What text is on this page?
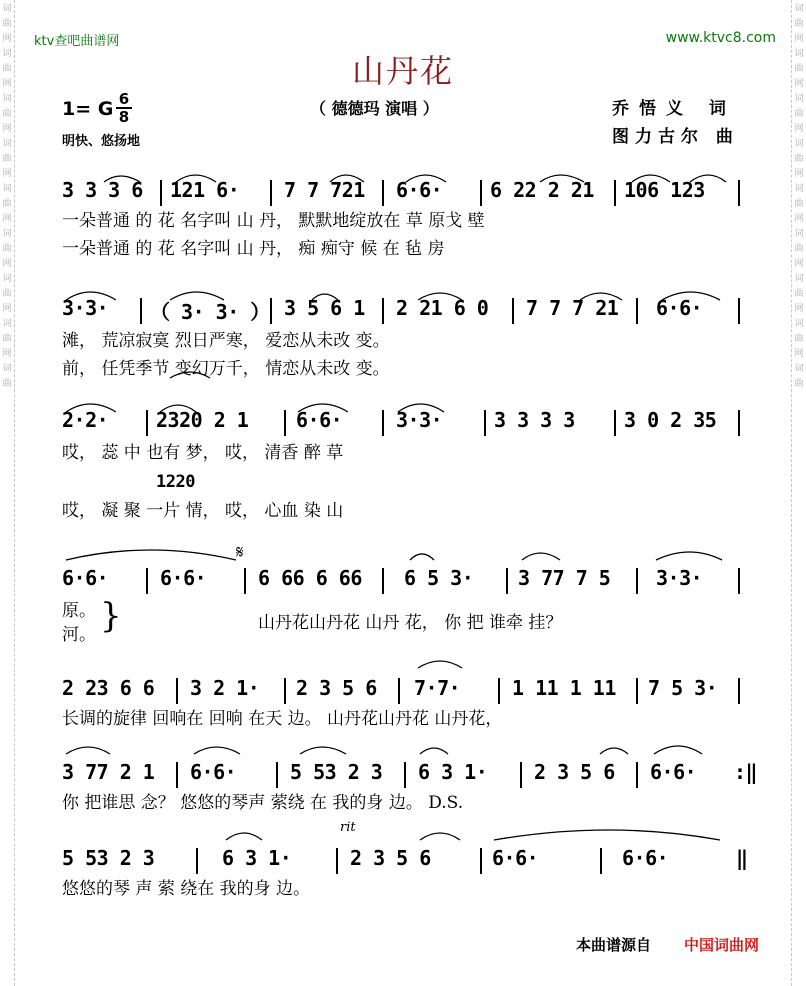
词
曲
网
词
曲
网
词
曲
网
词
曲
网
词
曲
网
词
曲
网
词
曲
网
词
曲
网
词
曲
词
曲
网
词
曲
网
词
曲
网
词
曲
网
词
曲
网
词
曲
网
词
曲
网
词
曲
网
词
曲
ktv查吧曲谱网	www.ktvc8.com
山丹花
1= G 6
8
明快、悠扬地
（ 德德玛 演唱 ）	乔悟义 词
图力古尔 曲
3 3 3 6 121 6· 7 7 721 6·6· 6 22 2 21 106 123
一朵普通 的 花 名字叫 山 丹， 默默地绽放在 草 原戈 壁
一朵普通 的 花 名字叫 山 丹， 痴 痴守 候 在 毡 房
3·3· （ 3· 3· ） 3 5 6 1 2 21 6 0 7 7 7 21 6·6·
滩， 荒凉寂寞 烈日严寒， 爱恋从未改 变。
前， 任凭季节 变幻万千， 情恋从未改 变。
2·2· 2320 2 1 6·6·	3·3·	3 3 3 3 3 0 2 35
哎， 蕊 中 也有 梦， 哎， 清香 醉 草
哎， 凝 聚 一片 情， 哎， 心血 染 山
1220
6·6·	6·6·	6 66 6 66 6 5 3· 3 77 7 5 3·3·
原。
河。
山丹花山丹花 山丹 花， 你 把 谁牵 挂？
}
𝄋
2 23 6 6 3 2 1· 2 3 5 6 7·7·	1 11 1 11 7 5 3·
长调的旋律 回响在 回响 在天 边。 山丹花山丹花 山丹花，
3 77 2 1 6·6·	5 53 2 3 6 3 1· 2 3 5 6 6·6· :‖
你 把谁思 念？ 悠悠的琴声 萦绕 在 我的身 边。 D.S.
5 53 2 3	6 3 1·	2 3 5 6	6·6·	6·6·	‖
悠悠的琴 声 萦 绕在 我的身 边。
rit
本曲谱源自 中国词曲网
